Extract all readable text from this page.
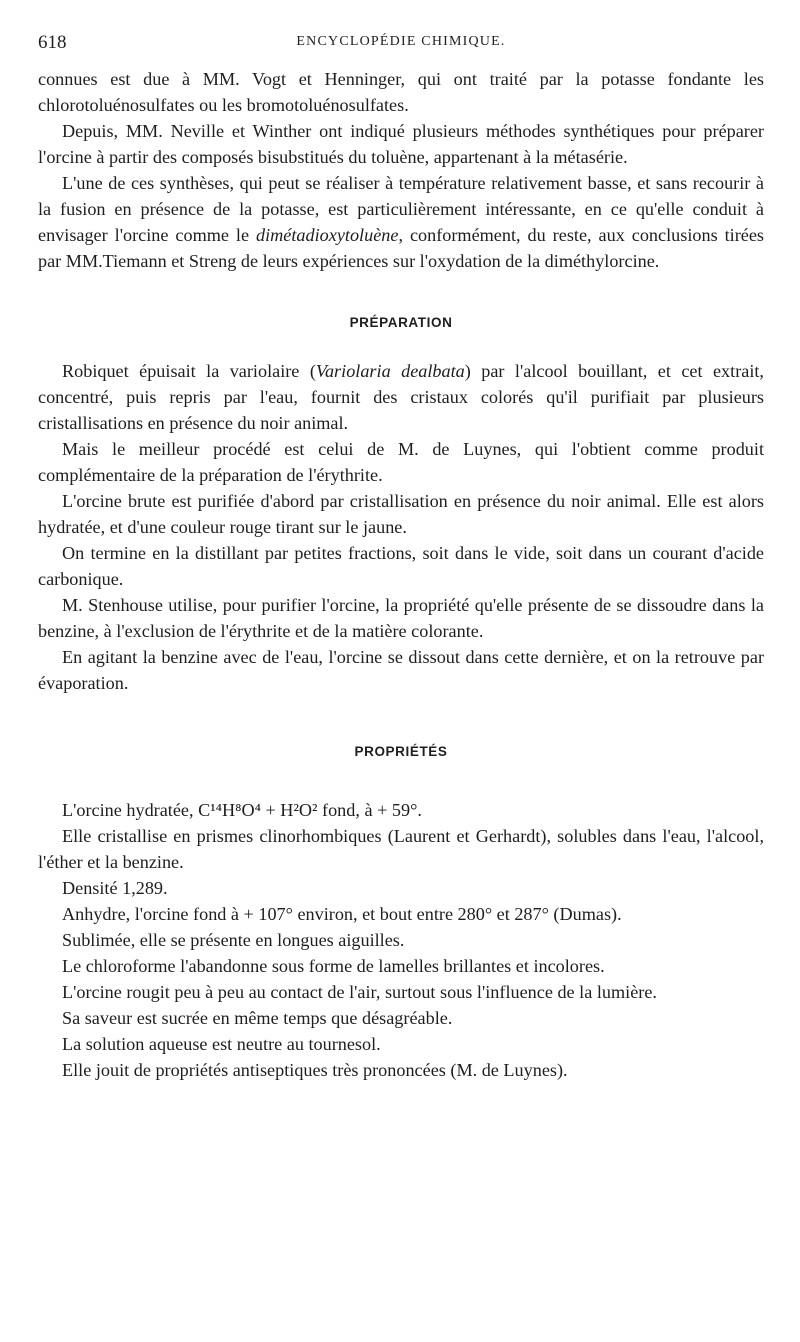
618	ENCYCLOPÉDIE CHIMIQUE.

connues est due à MM. Vogt et Henninger, qui ont traité par la potasse fondante les chlorotoluénosulfates ou les bromotoluénosulfates.

Depuis, MM. Neville et Winther ont indiqué plusieurs méthodes synthétiques pour préparer l'orcine à partir des composés bisubstitués du toluène, appartenant à la métasérie.

L'une de ces synthèses, qui peut se réaliser à température relativement basse, et sans recourir à la fusion en présence de la potasse, est particulièrement intéressante, en ce qu'elle conduit à envisager l'orcine comme le dimétadioxytoluène, conformément, du reste, aux conclusions tirées par MM.Tiemann et Streng de leurs expériences sur l'oxydation de la diméthylorcine.

PRÉPARATION

Robiquet épuisait la variolaire (Variolaria dealbata) par l'alcool bouillant, et cet extrait, concentré, puis repris par l'eau, fournit des cristaux colorés qu'il purifiait par plusieurs cristallisations en présence du noir animal.

Mais le meilleur procédé est celui de M. de Luynes, qui l'obtient comme produit complémentaire de la préparation de l'érythrite.

L'orcine brute est purifiée d'abord par cristallisation en présence du noir animal. Elle est alors hydratée, et d'une couleur rouge tirant sur le jaune.

On termine en la distillant par petites fractions, soit dans le vide, soit dans un courant d'acide carbonique.

M. Stenhouse utilise, pour purifier l'orcine, la propriété qu'elle présente de se dissoudre dans la benzine, à l'exclusion de l'érythrite et de la matière colorante.

En agitant la benzine avec de l'eau, l'orcine se dissout dans cette dernière, et on la retrouve par évaporation.

PROPRIÉTÉS

L'orcine hydratée, C¹⁴H⁸O⁴ + H²O² fond, à + 59°.

Elle cristallise en prismes clinorhombiques (Laurent et Gerhardt), solubles dans l'eau, l'alcool, l'éther et la benzine.

Densité 1,289.

Anhydre, l'orcine fond à + 107° environ, et bout entre 280° et 287° (Dumas).

Sublimée, elle se présente en longues aiguilles.

Le chloroforme l'abandonne sous forme de lamelles brillantes et incolores.

L'orcine rougit peu à peu au contact de l'air, surtout sous l'influence de la lumière.

Sa saveur est sucrée en même temps que désagréable.

La solution aqueuse est neutre au tournesol.

Elle jouit de propriétés antiseptiques très prononcées (M. de Luynes).
